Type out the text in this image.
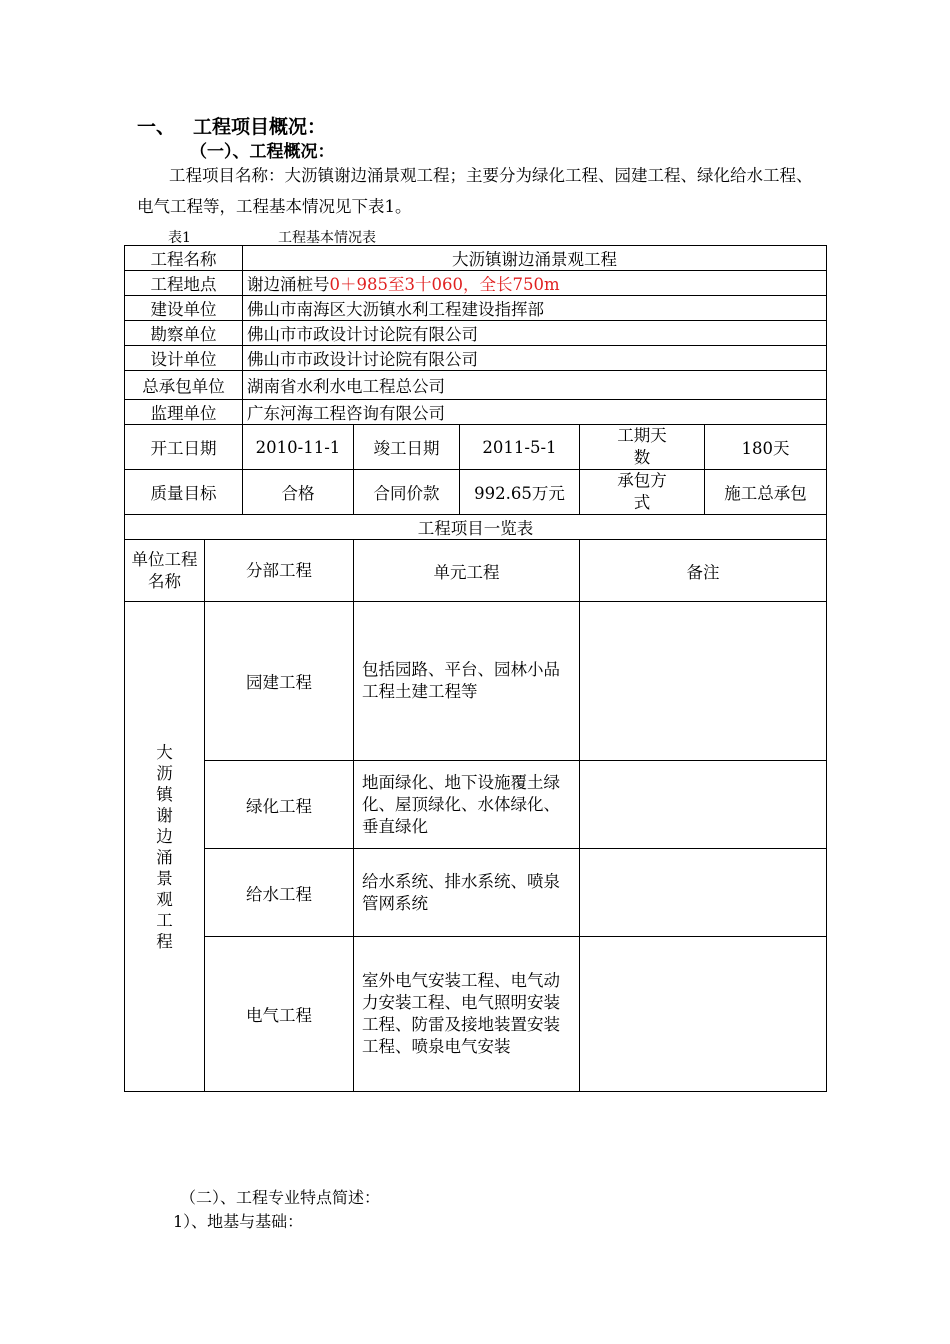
一、 工程项目概况：
（一）、工程概况：
工程项目名称：大沥镇谢边涌景观工程；主要分为绿化工程、园建工程、绿化给水工程、电气工程等，工程基本情况见下表1。
表1	工程基本情况表
工程名称		大沥镇谢边涌景观工程				
工程地点		谢边涌桩号0＋985至3十060，全长750m				
建设单位		佛山市南海区大沥镇水利工程建设指挥部				
勘察单位		佛山市市政设计讨论院有限公司				
设计单位		佛山市市政设计讨论院有限公司				
总承包单位		湖南省水利水电工程总公司				
监理单位		广东河海工程咨询有限公司				
开工日期		2010-11-1	竣工日期	2011-5-1	工期天数	180天
质量目标		合格	合同价款	992.65万元	承包方式	施工总承包
工程项目一览表						
单位工程名称	分部工程		单元工程		备注	
大沥镇谢边涌景观工程	园建工程		包括园路、平台、园林小品工程土建工程等			
	绿化工程		地面绿化、地下设施覆土绿化、屋顶绿化、水体绿化、垂直绿化			
	给水工程		给水系统、排水系统、喷泉管网系统			
	电气工程		室外电气安装工程、电气动力安装工程、电气照明安装工程、防雷及接地装置安装工程、喷泉电气安装			
（二）、工程专业特点简述：
1）、地基与基础：
